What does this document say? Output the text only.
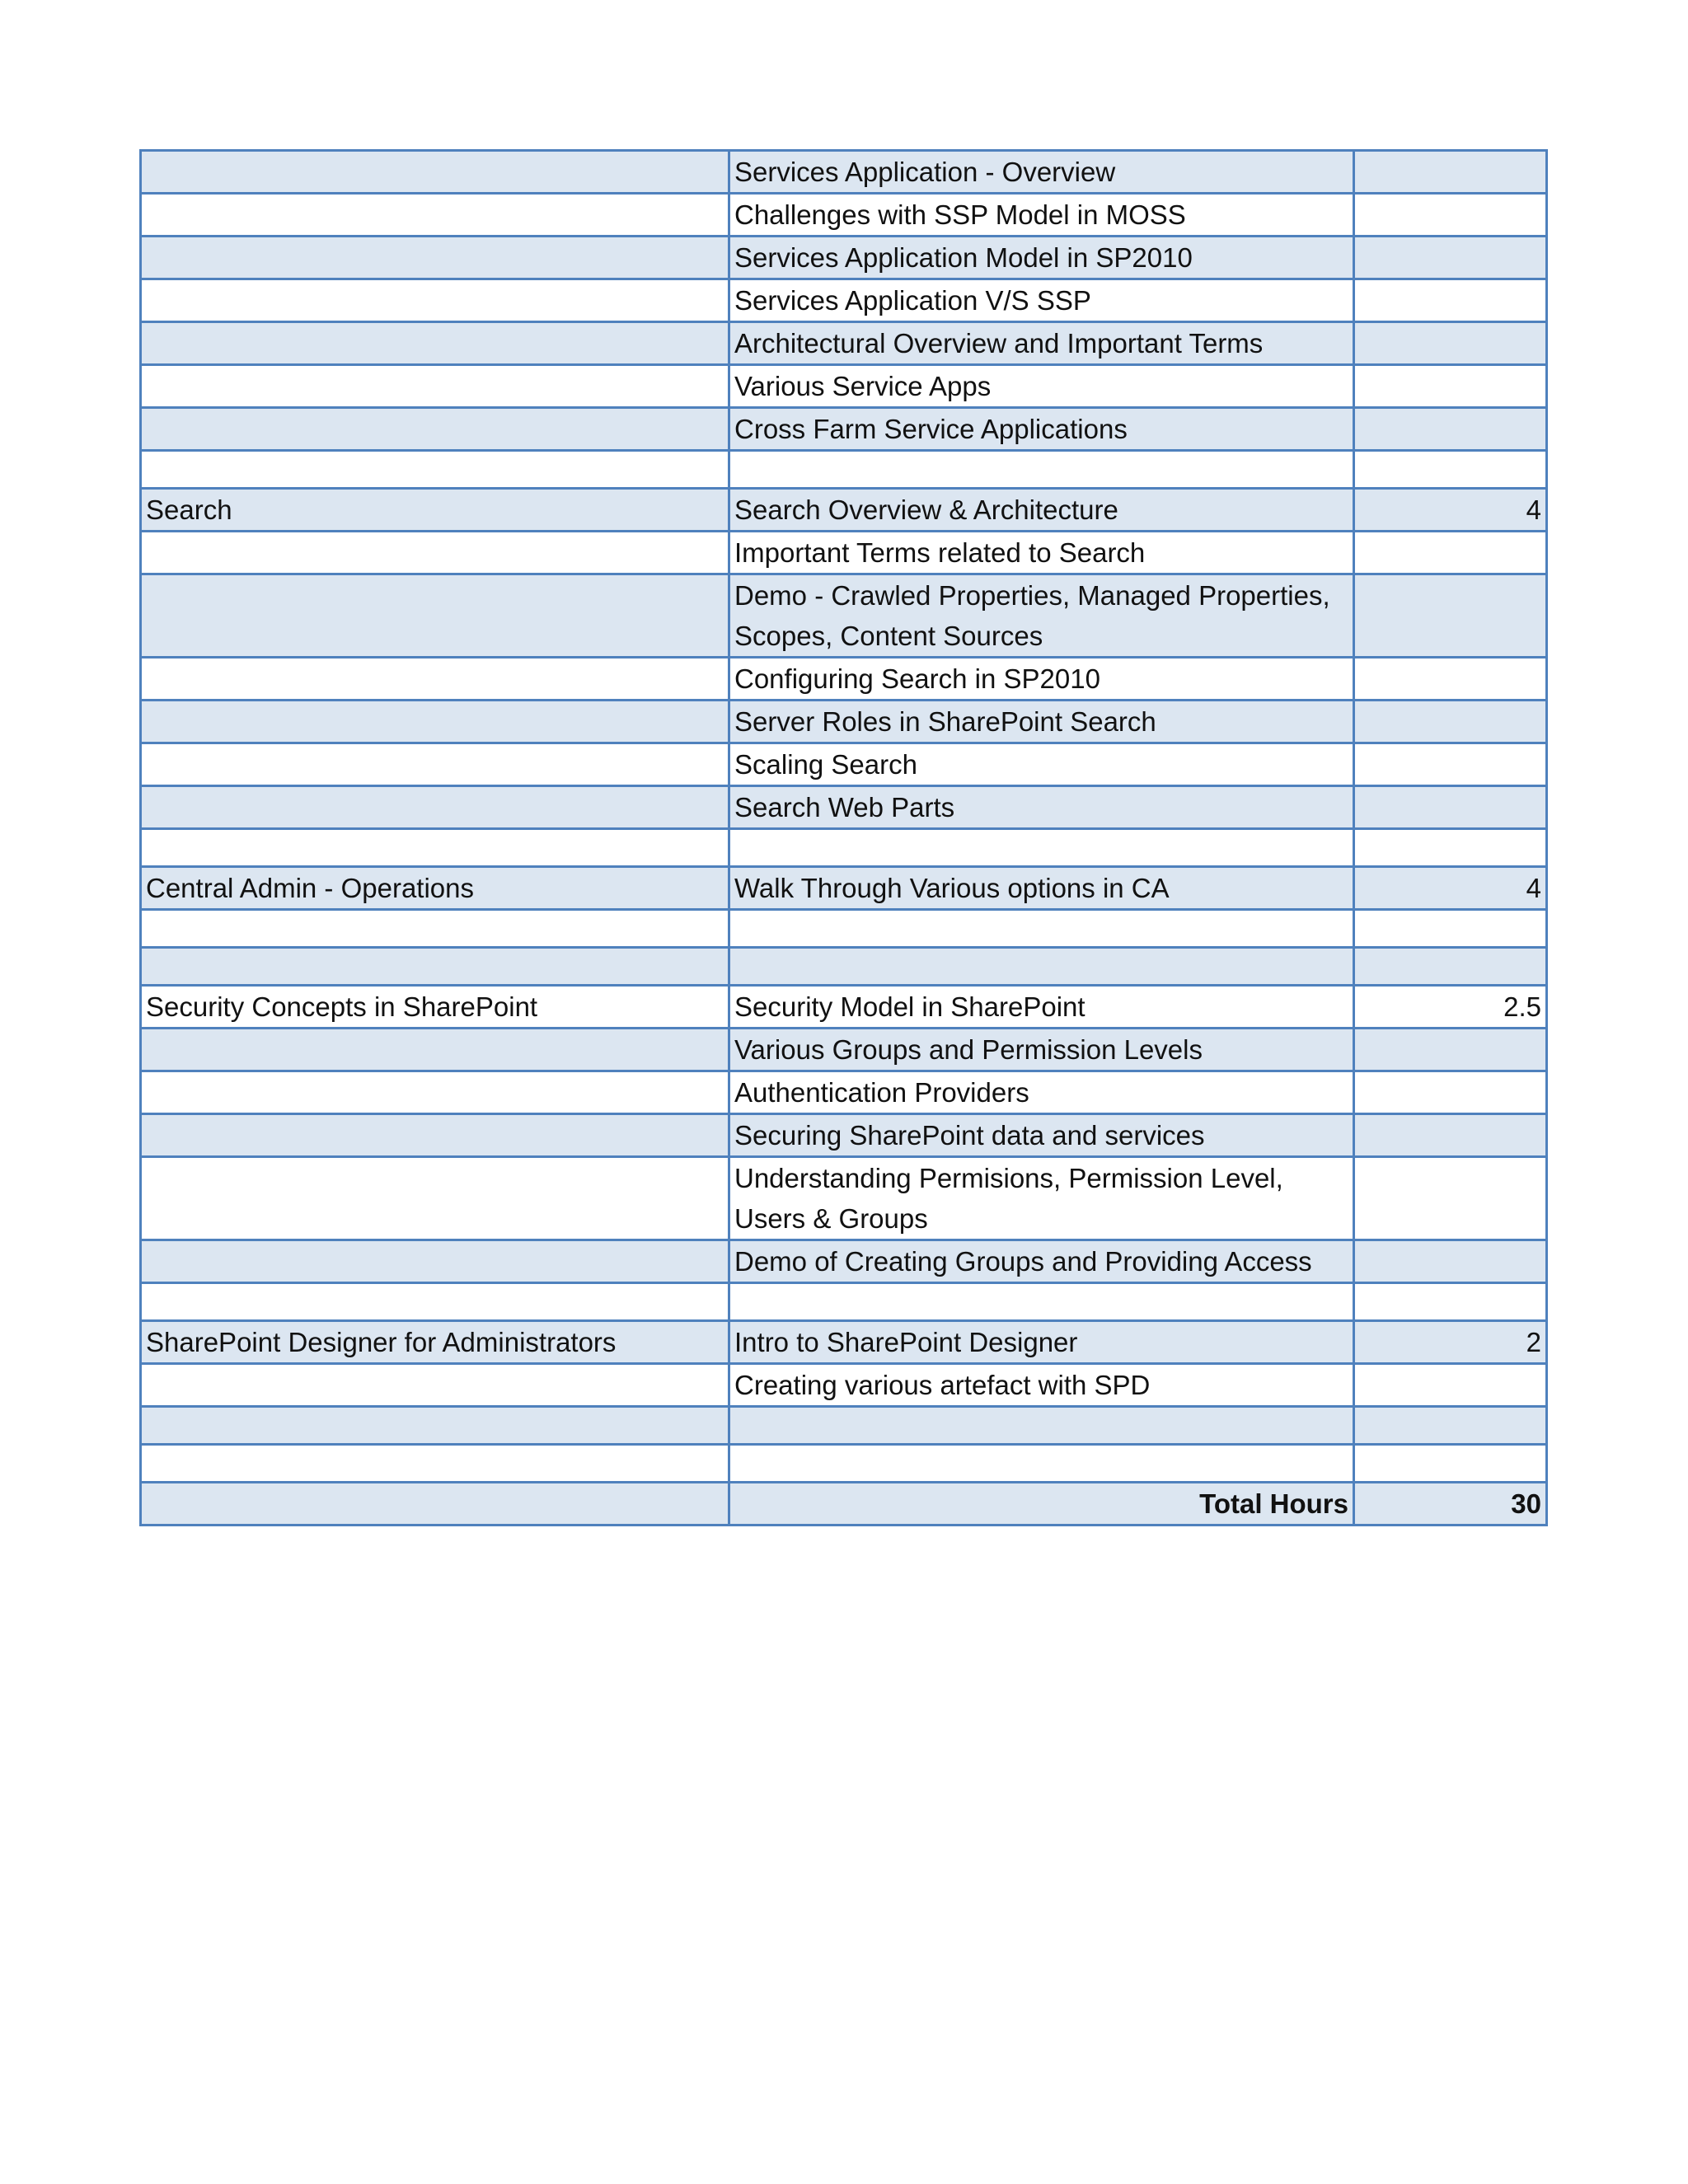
	Services Application - Overview	
	Challenges with SSP Model in MOSS	
	Services Application Model in SP2010	
	Services Application V/S SSP	
	Architectural Overview and Important Terms	
	Various Service Apps	
	Cross Farm Service Applications	

Search	Search Overview & Architecture	4
	Important Terms related to Search	
	Demo - Crawled Properties, Managed Properties, Scopes, Content Sources	
	Configuring Search in SP2010	
	Server Roles in SharePoint Search	
	Scaling Search	
	Search Web Parts	

Central Admin - Operations	Walk Through Various options in CA	4

Security Concepts in SharePoint	Security Model in SharePoint	2.5
	Various Groups and Permission Levels	
	Authentication Providers	
	Securing SharePoint data and services	
	Understanding Permisions, Permission Level, Users & Groups	
	Demo of Creating Groups and Providing Access	

SharePoint Designer for Administrators	Intro to SharePoint Designer	2
	Creating various artefact with SPD	

	Total Hours	30
